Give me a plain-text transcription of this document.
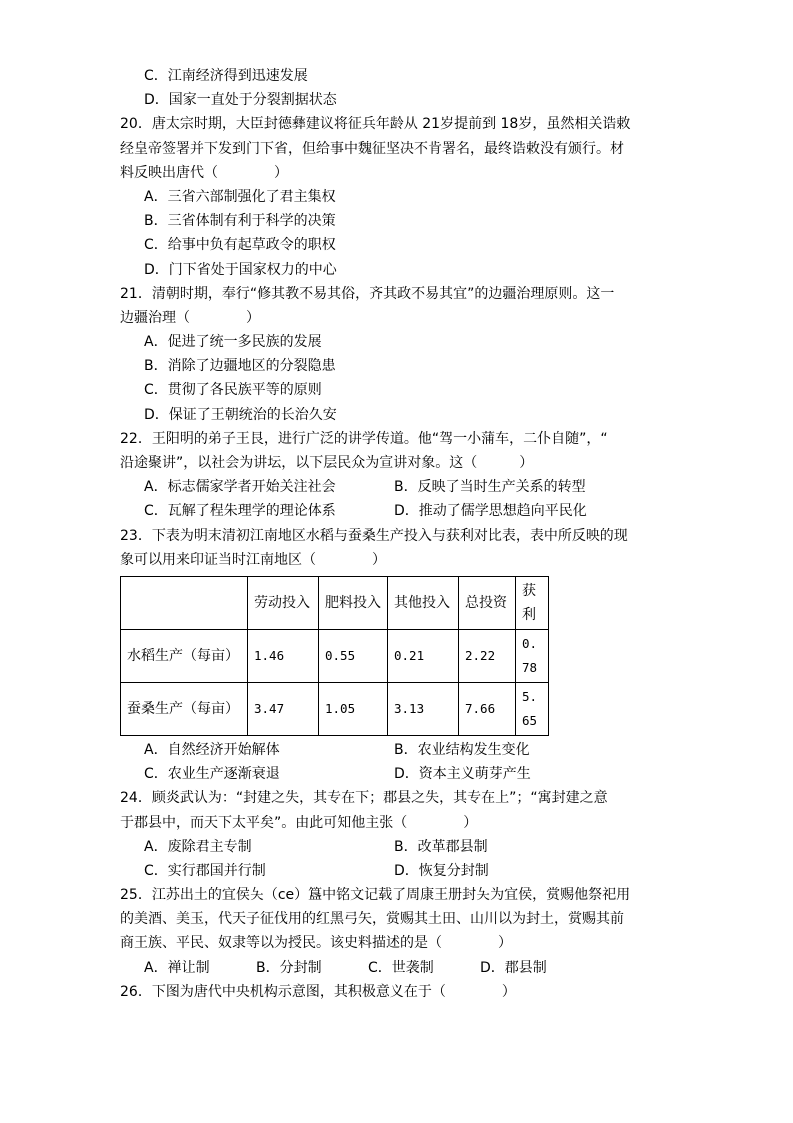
C．江南经济得到迅速发展
D．国家一直处于分裂割据状态
20．唐太宗时期，大臣封德彝建议将征兵年龄从 21岁提前到 18岁，虽然相关诰敕
经皇帝签署并下发到门下省，但给事中魏征坚决不肯署名，最终诰敕没有颁行。材
料反映出唐代（　　　　）
A．三省六部制强化了君主集权
B．三省体制有利于科学的决策
C．给事中负有起草政令的职权
D．门下省处于国家权力的中心
21．清朝时期，奉行“修其教不易其俗，齐其政不易其宜”的边疆治理原则。这一
边疆治理（　　　　）
A．促进了统一多民族的发展
B．消除了边疆地区的分裂隐患
C．贯彻了各民族平等的原则
D．保证了王朝统治的长治久安
22．王阳明的弟子王艮，进行广泛的讲学传道。他“驾一小蒲车，二仆自随”，“
沿途聚讲”，以社会为讲坛，以下层民众为宣讲对象。这（　　　）
A．标志儒家学者开始关注社会	B．反映了当时生产关系的转型
C．瓦解了程朱理学的理论体系	D．推动了儒学思想趋向平民化
23．下表为明末清初江南地区水稻与蚕桑生产投入与获利对比表，表中所反映的现
象可以用来印证当时江南地区（　　　　）
	劳动投入	肥料投入	其他投入	总投资	获利
水稻生产（每亩）	1.46	0.55	0.21	2.22	0.78
蚕桑生产（每亩）	3.47	1.05	3.13	7.66	5.65
A．自然经济开始解体	B．农业结构发生变化
C．农业生产逐渐衰退	D．资本主义萌芽产生
24．顾炎武认为：“封建之失，其专在下；郡县之失，其专在上”；“寓封建之意
于郡县中，而天下太平矣”。由此可知他主张（　　　　）
A．废除君主专制	B．改革郡县制
C．实行郡国并行制	D．恢复分封制
25．江苏出土的宜侯夨（ce）簋中铭文记载了周康王册封夨为宜侯，赏赐他祭祀用
的美酒、美玉，代天子征伐用的红黑弓矢，赏赐其土田、山川以为封土，赏赐其前
商王族、平民、奴隶等以为授民。该史料描述的是（　　　　）
A．禅让制	B．分封制	C．世袭制	D．郡县制
26．下图为唐代中央机构示意图，其积极意义在于（　　　　）
